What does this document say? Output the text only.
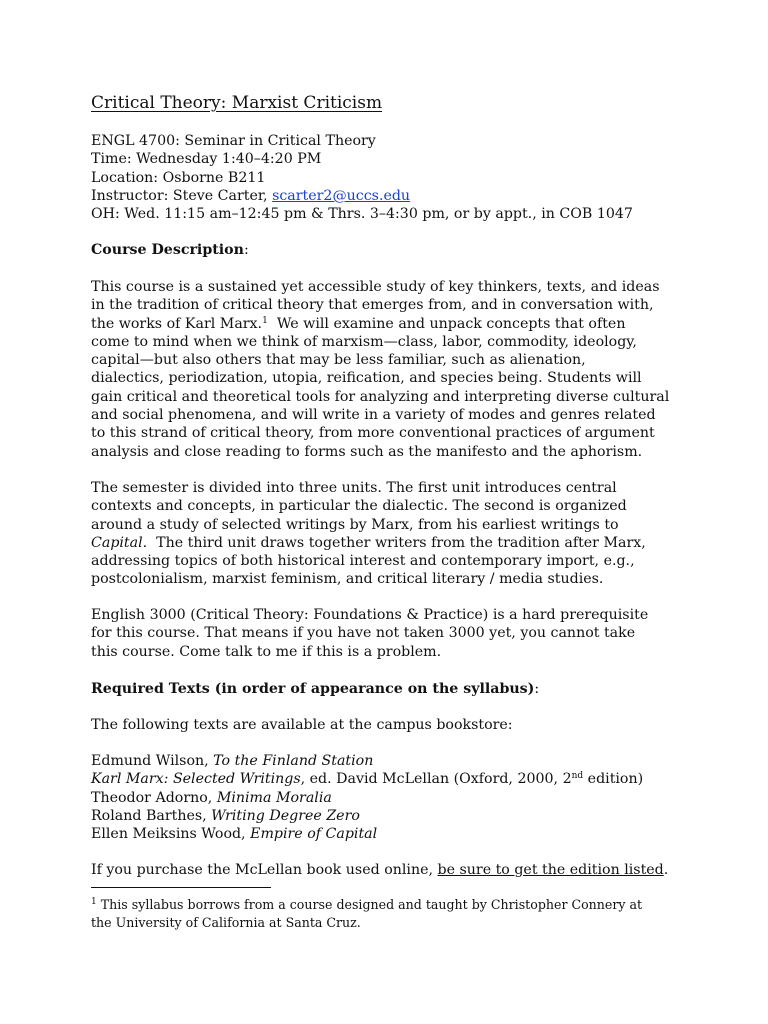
Critical Theory: Marxist Criticism

ENGL 4700: Seminar in Critical Theory

Time: Wednesday 1:40–4:20 PM

Location: Osborne B211

Instructor: Steve Carter, scarter2@uccs.edu

OH: Wed. 11:15 am–12:45 pm & Thrs. 3–4:30 pm, or by appt., in COB 1047

Course Description:

This course is a sustained yet accessible study of key thinkers, texts, and ideas

in the tradition of critical theory that emerges from, and in conversation with,

the works of Karl Marx.$^1$ We will examine and unpack concepts that often

come to mind when we think of marxism—class, labor, commodity, ideology,

capital—but also others that may be less familiar, such as alienation,

dialectics, periodization, utopia, reification, and species being. Students will

gain critical and theoretical tools for analyzing and interpreting diverse cultural

and social phenomena, and will write in a variety of modes and genres related

to this strand of critical theory, from more conventional practices of argument

analysis and close reading to forms such as the manifesto and the aphorism.

The semester is divided into three units. The first unit introduces central

contexts and concepts, in particular the dialectic. The second is organized

around a study of selected writings by Marx, from his earliest writings to

Capital. The third unit draws together writers from the tradition after Marx,

addressing topics of both historical interest and contemporary import, e.g.,

postcolonialism, marxist feminism, and critical literary / media studies.

English 3000 (Critical Theory: Foundations & Practice) is a hard prerequisite

for this course. That means if you have not taken 3000 yet, you cannot take

this course. Come talk to me if this is a problem.

Required Texts (in order of appearance on the syllabus):

The following texts are available at the campus bookstore:

Edmund Wilson, To the Finland Station

Karl Marx: Selected Writings, ed. David McLellan (Oxford, 2000, 2nd edition)

Theodor Adorno, Minima Moralia

Roland Barthes, Writing Degree Zero

Ellen Meiksins Wood, Empire of Capital

If you purchase the McLellan book used online, be sure to get the edition listed.

$^1$ This syllabus borrows from a course designed and taught by Christopher Connery at

the University of California at Santa Cruz.
